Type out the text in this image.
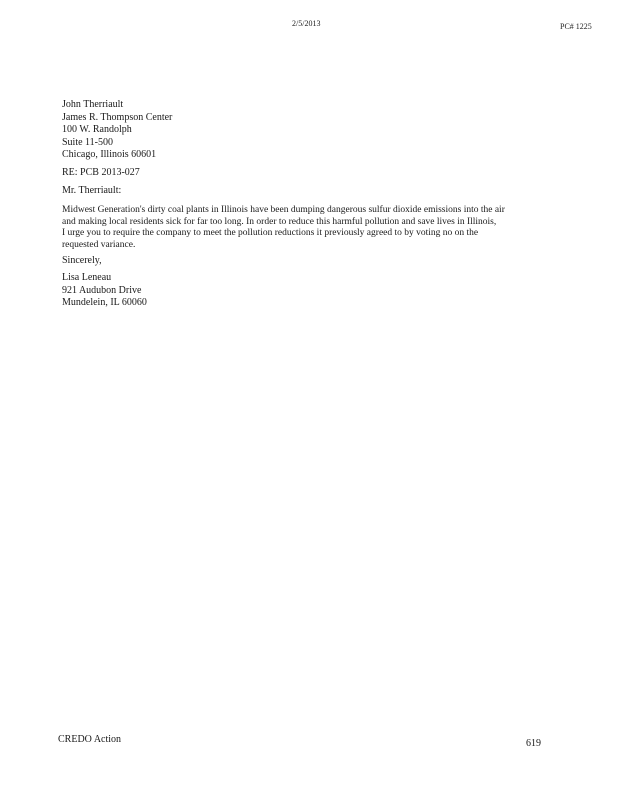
2/5/2013	PC# 1225
John Therriault
James R. Thompson Center
100 W. Randolph
Suite 11-500
Chicago, Illinois 60601
RE: PCB 2013-027
Mr. Therriault:
Midwest Generation's dirty coal plants in Illinois have been dumping dangerous sulfur dioxide emissions into the air
and making local residents sick for far too long. In order to reduce this harmful pollution and save lives in Illinois,
I urge you to require the company to meet the pollution reductions it previously agreed to by voting no on the
requested variance.
Sincerely,
Lisa Leneau
921 Audubon Drive
Mundelein, IL 60060
CREDO Action	619
